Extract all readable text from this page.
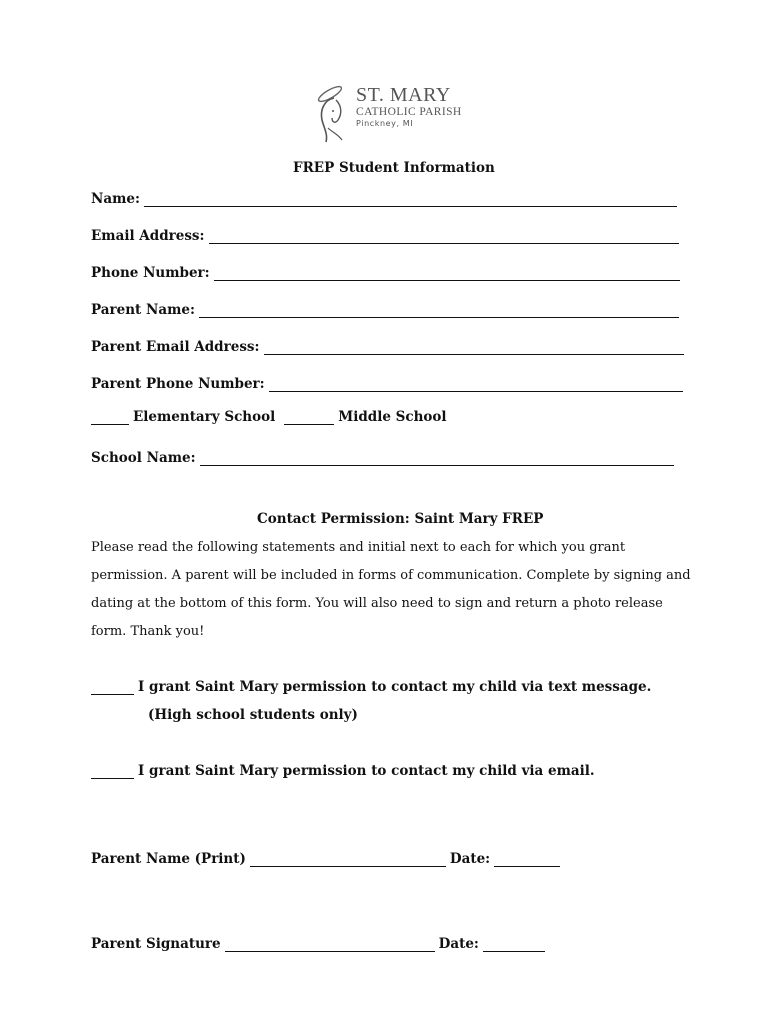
ST. MARY
CATHOLIC PARISH
Pinckney, MI
FREP Student Information
Name:
Email Address:
Phone Number:
Parent Name:
Parent Email Address:
Parent Phone Number:
Elementary School	Middle School
School Name:
Contact Permission: Saint Mary FREP

Please read the following statements and initial next to each for which you grant

permission. A parent will be included in forms of communication. Complete by signing and

dating at the bottom of this form. You will also need to sign and return a photo release

form. Thank you!

I grant Saint Mary permission to contact my child via text message.
(High school students only)
I grant Saint Mary permission to contact my child via email.
Parent Name (Print)	Date:
Parent Signature	Date:
